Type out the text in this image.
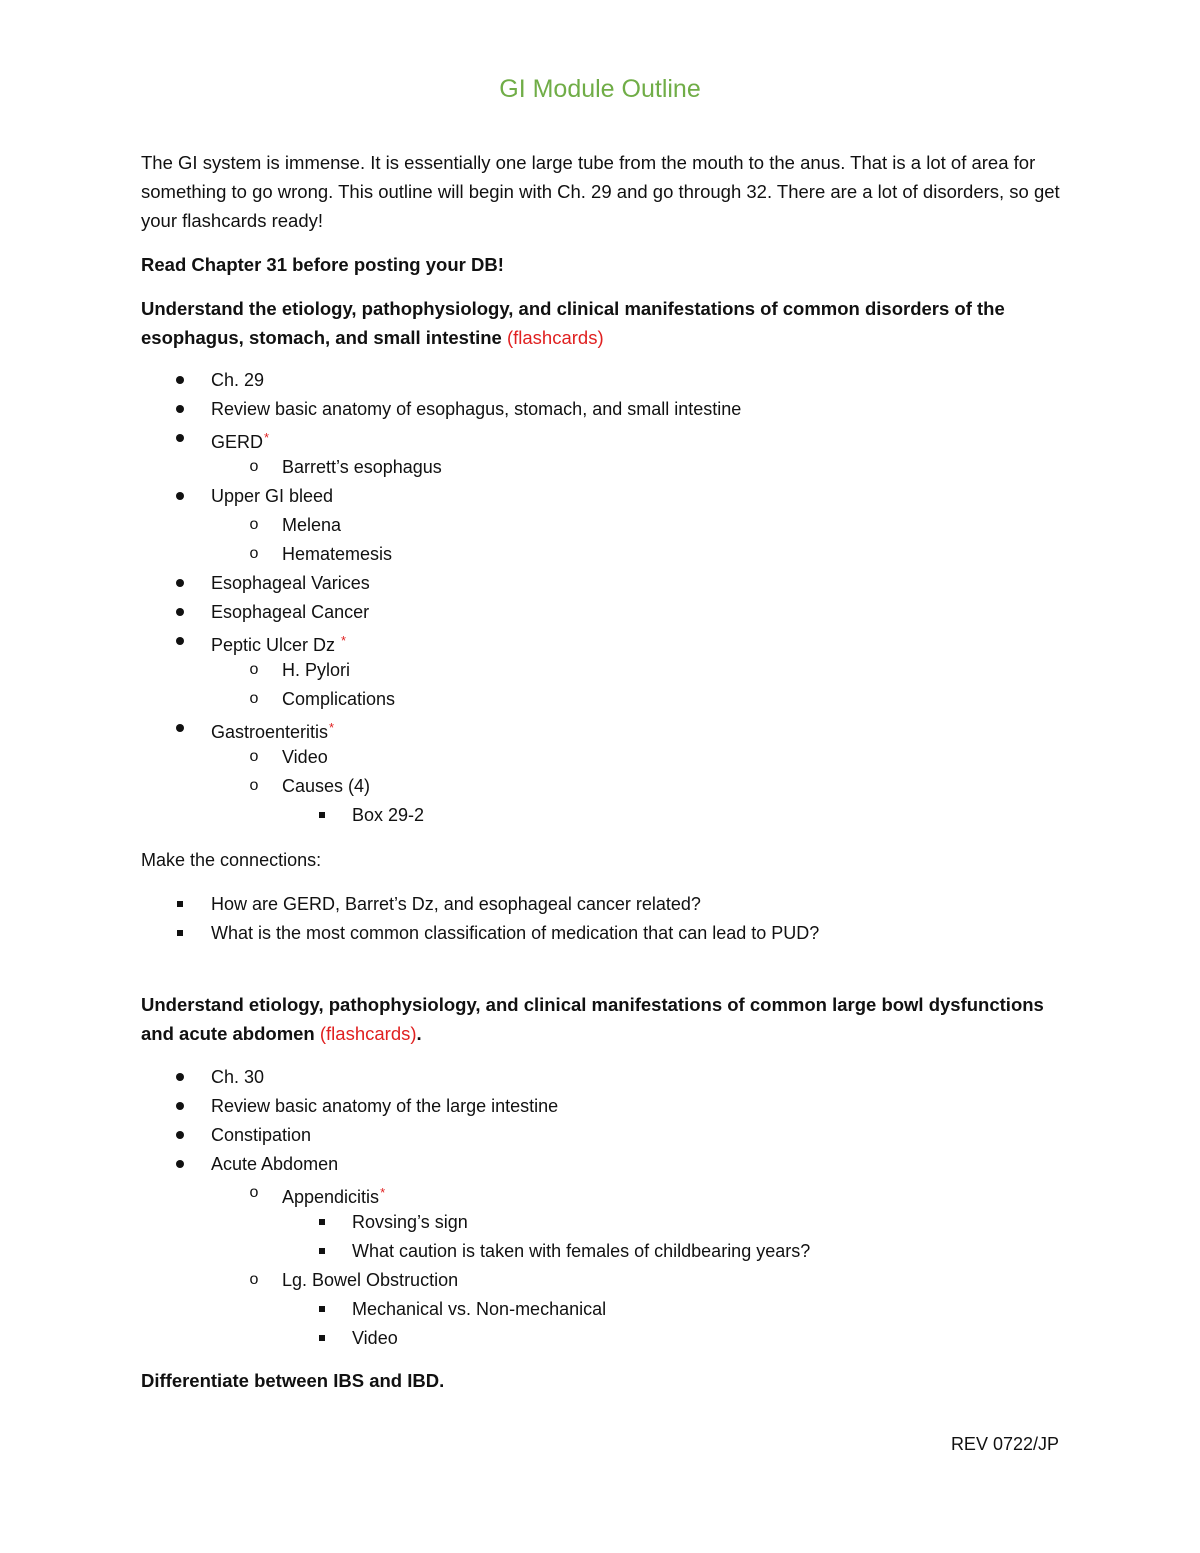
GI Module Outline
The GI system is immense. It is essentially one large tube from the mouth to the anus. That is a lot of area for something to go wrong. This outline will begin with Ch. 29 and go through 32. There are a lot of disorders, so get your flashcards ready!
Read Chapter 31 before posting your DB!
Understand the etiology, pathophysiology, and clinical manifestations of common disorders of the esophagus, stomach, and small intestine (flashcards)
Ch. 29
Review basic anatomy of esophagus, stomach, and small intestine
GERD*
o	Barrett’s esophagus
Upper GI bleed
o	Melena
o	Hematemesis
Esophageal Varices
Esophageal Cancer
Peptic Ulcer Dz *
o	H. Pylori
o	Complications
Gastroenteritis*
o	Video
o	Causes (4)
Box 29-2
Make the connections:
How are GERD, Barret’s Dz, and esophageal cancer related?
What is the most common classification of medication that can lead to PUD?
Understand etiology, pathophysiology, and clinical manifestations of common large bowl dysfunctions and acute abdomen (flashcards).
Ch. 30
Review basic anatomy of the large intestine
Constipation
Acute Abdomen
o	Appendicitis*
Rovsing’s sign
What caution is taken with females of childbearing years?
o	Lg. Bowel Obstruction
Mechanical vs. Non-mechanical
Video
Differentiate between IBS and IBD.
REV 0722/JP
